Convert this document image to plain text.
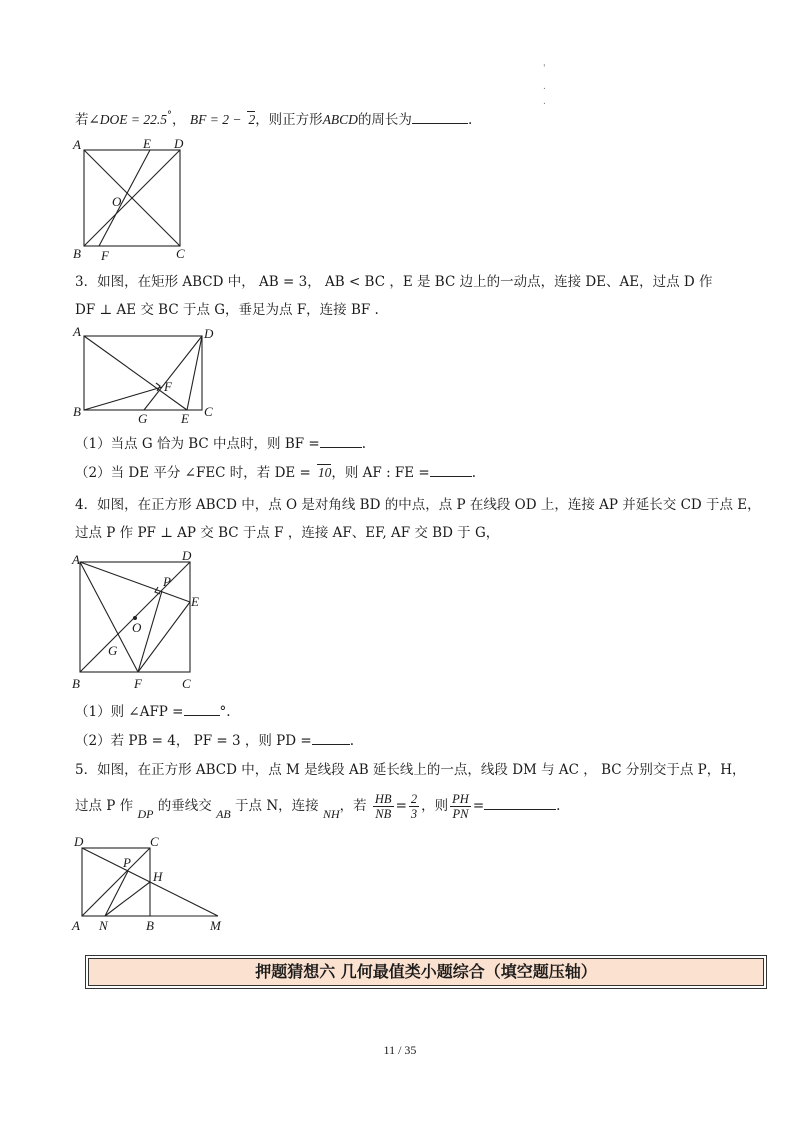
'
.
.
若∠DOE = 22.5°， BF = 2 − 2，则正方形ABCD的周长为	.
A	E D
O
B F	C
3．如图，在矩形 ABCD 中， AB = 3， AB < BC ，E 是 BC 边上的一动点，连接 DE、AE，过点 D 作
DF ⊥ AE 交 BC 于点 G，垂足为点 F，连接 BF .
A	D
F
B	G	E C
（1）当点 G 恰为 BC 中点时，则 BF =	.
（2）当 DE 平分 ∠FEC 时，若 DE = 10，则 AF : FE =	.
4．如图，在正方形 ABCD 中，点 O 是对角线 BD 的中点，点 P 在线段 OD 上，连接 AP 并延长交 CD 于点 E，
过点 P 作 PF ⊥ AP 交 BC 于点 F ，连接 AF、EF, AF 交 BD 于 G，
A	D
P
E
O
G
B	F	C
（1）则 ∠AFP =	°.
（2）若 PB = 4， PF = 3 ，则 PD =	.
5．如图，在正方形 ABCD 中，点 M 是线段 AB 延长线上的一点，线段 DM 与 AC ， BC 分别交于点 P，H，
过点 P 作 DP 的垂线交 AB 于点 N，连接 NH，若 $\frac{HB}{NB} = \frac{2}{3}$ ，则 $\frac{PH}{PN}$ =	.
D	C
P
H
A N	B	M
押题猜想六 几何最值类小题综合（填空题压轴）
11 / 35
